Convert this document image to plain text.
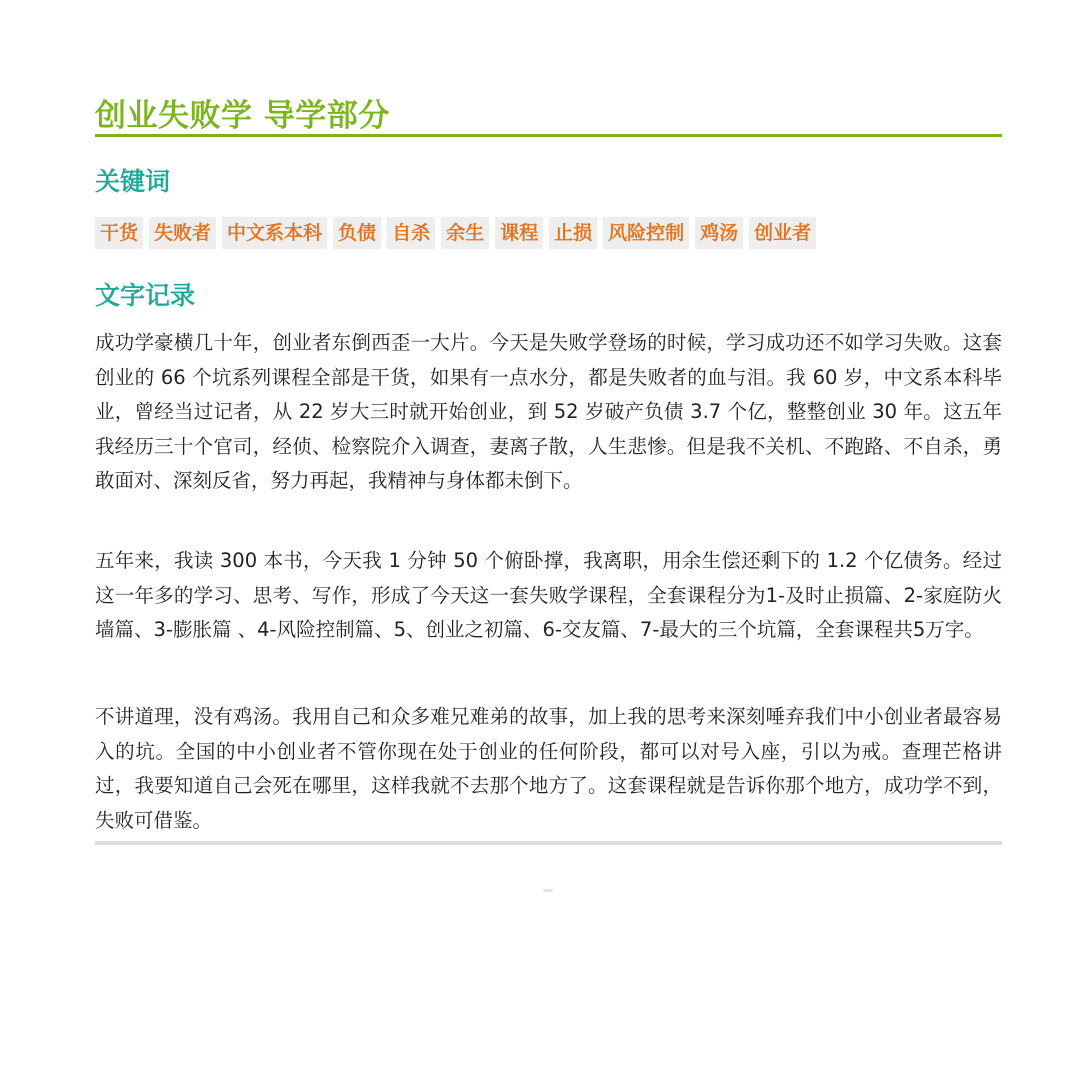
创业失败学 导学部分
关键词
干货 失败者 中文系本科 负债 自杀 余生 课程 止损 风险控制 鸡汤 创业者
文字记录

成功学豪横几十年，创业者东倒西歪一大片。今天是失败学登场的时候，学习成功还不如学习失败。这套创业的 66 个坑系列课程全部是干货，如果有一点水分，都是失败者的血与泪。我 60 岁，中文系本科毕业，曾经当过记者，从 22 岁大三时就开始创业，到 52 岁破产负债 3.7 个亿，整整创业 30 年。这五年我经历三十个官司，经侦、检察院介入调查，妻离子散，人生悲惨。但是我不关机、不跑路、不自杀，勇敢面对、深刻反省，努力再起，我精神与身体都未倒下。

五年来，我读 300 本书，今天我 1 分钟 50 个俯卧撑，我离职，用余生偿还剩下的 1.2 个亿债务。经过这一年多的学习、思考、写作，形成了今天这一套失败学课程，全套课程分为1-及时止损篇、2-家庭防火墙篇、3-膨胀篇 、4-风险控制篇、5、创业之初篇、6-交友篇、7-最大的三个坑篇，全套课程共5万字。

不讲道理，没有鸡汤。我用自己和众多难兄难弟的故事，加上我的思考来深刻唾弃我们中小创业者最容易入的坑。全国的中小创业者不管你现在处于创业的任何阶段，都可以对号入座，引以为戒。查理芒格讲过，我要知道自己会死在哪里，这样我就不去那个地方了。这套课程就是告诉你那个地方，成功学不到，失败可借鉴。
